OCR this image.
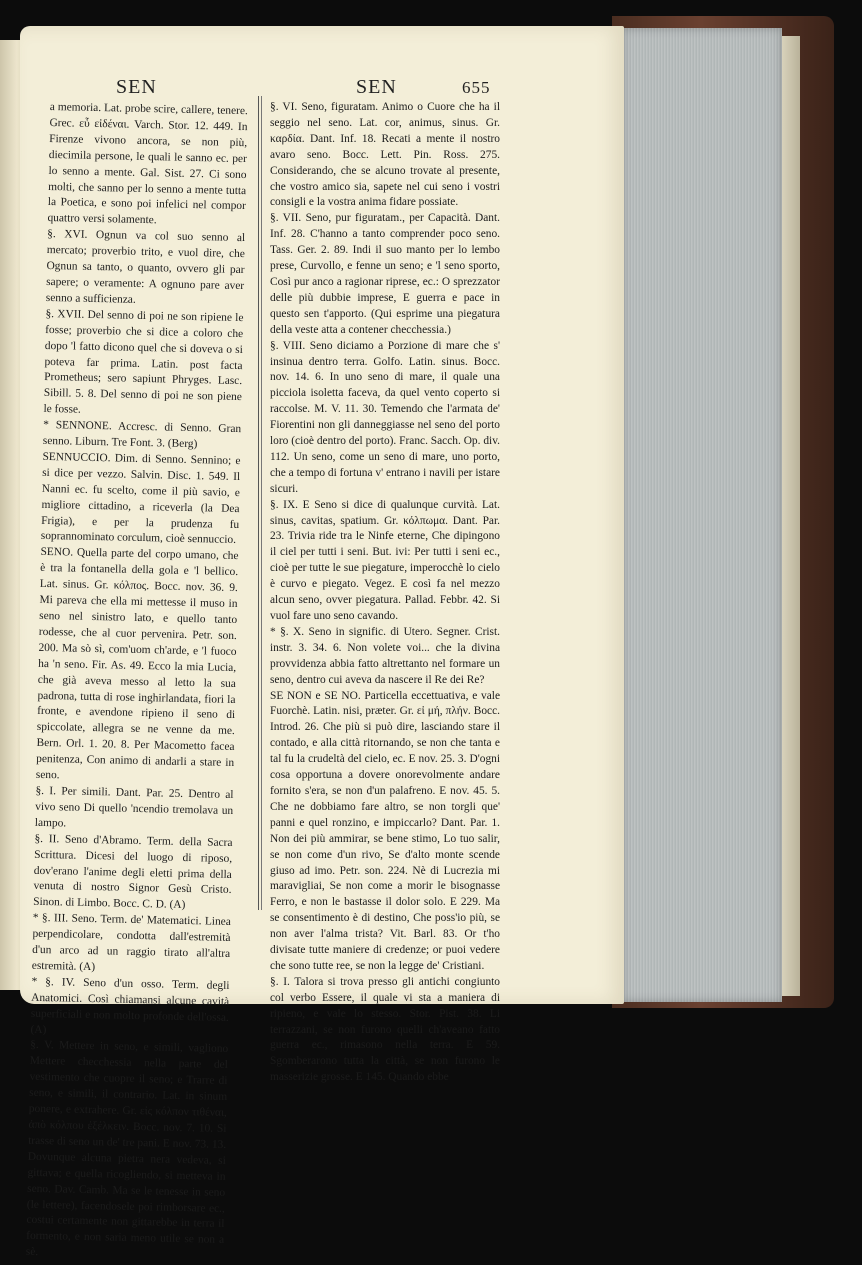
SEN	SEN	655

a memoria. Lat. probe scire, callere, tenere. Grec. εὖ εἰδέναι. Varch. Stor. 12. 449. In Firenze vivono ancora, se non più, diecimila persone, le quali le sanno ec. per lo senno a mente. Gal. Sist. 27. Ci sono molti, che sanno per lo senno a mente tutta la Poetica, e sono poi infelici nel compor quattro versi solamente.

§. XVI. Ognun va col suo senno al mercato; proverbio trito, e vuol dire, che Ognun sa tanto, o quanto, ovvero gli par sapere; o veramente: A ognuno pare aver senno a sufficienza.

§. XVII. Del senno di poi ne son ripiene le fosse; proverbio che si dice a coloro che dopo 'l fatto dicono quel che si doveva o si poteva far prima. Latin. post facta Prometheus; sero sapiunt Phryges. Lasc. Sibill. 5. 8. Del senno di poi ne son piene le fosse.

* SENNONE. Accresc. di Senno. Gran senno. Liburn. Tre Font. 3. (Berg)

SENNUCCIO. Dim. di Senno. Sennino; e si dice per vezzo. Salvin. Disc. 1. 549. Il Nanni ec. fu scelto, come il più savio, e migliore cittadino, a riceverla (la Dea Frigia), e per la prudenza fu soprannominato corculum, cioè sennuccio.

SENO. Quella parte del corpo umano, che è tra la fontanella della gola e 'l bellico. Lat. sinus. Gr. κόλπος. Bocc. nov. 36. 9. Mi pareva che ella mi mettesse il muso in seno nel sinistro lato, e quello tanto rodesse, che al cuor pervenira. Petr. son. 200. Ma sò sì, com'uom ch'arde, e 'l fuoco ha 'n seno. Fir. As. 49. Ecco la mia Lucia, che già aveva messo al letto la sua padrona, tutta di rose inghirlandata, fiori la fronte, e avendone ripieno il seno di spiccolate, allegra se ne venne da me. Bern. Orl. 1. 20. 8. Per Macometto facea penitenza, Con animo di andarli a stare in seno.

§. I. Per simili. Dant. Par. 25. Dentro al vivo seno Di quello 'ncendio tremolava un lampo.

§. II. Seno d'Abramo. Term. della Sacra Scrittura. Dicesi del luogo di riposo, dov'erano l'anime degli eletti prima della venuta di nostro Signor Gesù Cristo. Sinon. di Limbo. Bocc. C. D. (A)

* §. III. Seno. Term. de' Matematici. Linea perpendicolare, condotta dall'estremità d'un arco ad un raggio tirato all'altra estremità. (A)

* §. IV. Seno d'un osso. Term. degli Anatomici. Così chiamansi alcune cavità superficiali e non molto profonde dell'ossa. (A)

§. V. Mettere in seno, e simili, vagliono Mettere checchessia nella parte del vestimento che cuopre il seno; e Trarre di seno, e simili, il contrario. Lat. in sinum ponere, e extrahere. Gr. εἰς κόλπον τιθέναι, ἀπὸ κόλπου ἐξέλκειν. Bocc. nov. 7. 10. Si trasse di seno un de' tre pani. E nov. 73. 13. Dovunque alcuna pietra nera vedeva, si gittava; e quella ricogliendo, si metteva in seno. Dav. Camb. Ma se le tenesse in seno (le lettere), facendosele poi rimborsare ec., costui certamente non gittarebbe in terra il formento, e non saria meno utile se non a sè.

§. VI. Seno, figuratam. Animo o Cuore che ha il seggio nel seno. Lat. cor, animus, sinus. Gr. καρδία. Dant. Inf. 18. Recati a mente il nostro avaro seno. Bocc. Lett. Pin. Ross. 275. Considerando, che se alcuno trovate al presente, che vostro amico sia, sapete nel cui seno i vostri consigli e la vostra anima fidare possiate.

§. VII. Seno, pur figuratam., per Capacità. Dant. Inf. 28. C'hanno a tanto comprender poco seno. Tass. Ger. 2. 89. Indi il suo manto per lo lembo prese, Curvollo, e fenne un seno; e 'l seno sporto, Così pur anco a ragionar riprese, ec.: O sprezzator delle più dubbie imprese, E guerra e pace in questo sen t'apporto. (Qui esprime una piegatura della veste atta a contener checchessia.)

§. VIII. Seno diciamo a Porzione di mare che s' insinua dentro terra. Golfo. Latin. sinus. Bocc. nov. 14. 6. In uno seno di mare, il quale una picciola isoletta faceva, da quel vento coperto si raccolse. M. V. 11. 30. Temendo che l'armata de' Fiorentini non gli danneggiasse nel seno del porto loro (cioè dentro del porto). Franc. Sacch. Op. div. 112. Un seno, come un seno di mare, uno porto, che a tempo di fortuna v' entrano i navili per istare sicuri.

§. IX. E Seno si dice di qualunque curvità. Lat. sinus, cavitas, spatium. Gr. κόλπωμα. Dant. Par. 23. Trivia ride tra le Ninfe eterne, Che dipingono il ciel per tutti i seni. But. ivi: Per tutti i seni ec., cioè per tutte le sue piegature, imperocchè lo cielo è curvo e piegato. Vegez. E così fa nel mezzo alcun seno, ovver piegatura. Pallad. Febbr. 42. Si vuol fare uno seno cavando.

* §. X. Seno in signific. di Utero. Segner. Crist. instr. 3. 34. 6. Non volete voi... che la divina provvidenza abbia fatto altrettanto nel formare un seno, dentro cui aveva da nascere il Re dei Re?

SE NON e SE NO. Particella eccettuativa, e vale Fuorchè. Latin. nisi, præter. Gr. εἰ μή, πλήν. Bocc. Introd. 26. Che più si può dire, lasciando stare il contado, e alla città ritornando, se non che tanta e tal fu la crudeltà del cielo, ec. E nov. 25. 3. D'ogni cosa opportuna a dovere onorevolmente andare fornito s'era, se non d'un palafreno. E nov. 45. 5. Che ne dobbiamo fare altro, se non torgli que' panni e quel ronzino, e impiccarlo? Dant. Par. 1. Non dei più ammirar, se bene stimo, Lo tuo salir, se non come d'un rivo, Se d'alto monte scende giuso ad imo. Petr. son. 224. Nè di Lucrezia mi maravigliai, Se non come a morir le bisognasse Ferro, e non le bastasse il dolor solo. E 229. Ma se consentimento è di destino, Che poss'io più, se non aver l'alma trista? Vit. Barl. 83. Or t'ho divisate tutte maniere di credenze; or puoi vedere che sono tutte ree, se non la legge de' Cristiani.

§. I. Talora si trova presso gli antichi congiunto col verbo Essere, il quale vi sta a maniera di ripieno, e vale lo stesso. Stor. Pist. 38. Li terrazzani, se non furono quelli ch'aveano fatto guerra ec., rimasono nella terra. E 59. Sgomberarono tutta la città, se non furono le masserizie grosse. E 145. Quando ebbe
